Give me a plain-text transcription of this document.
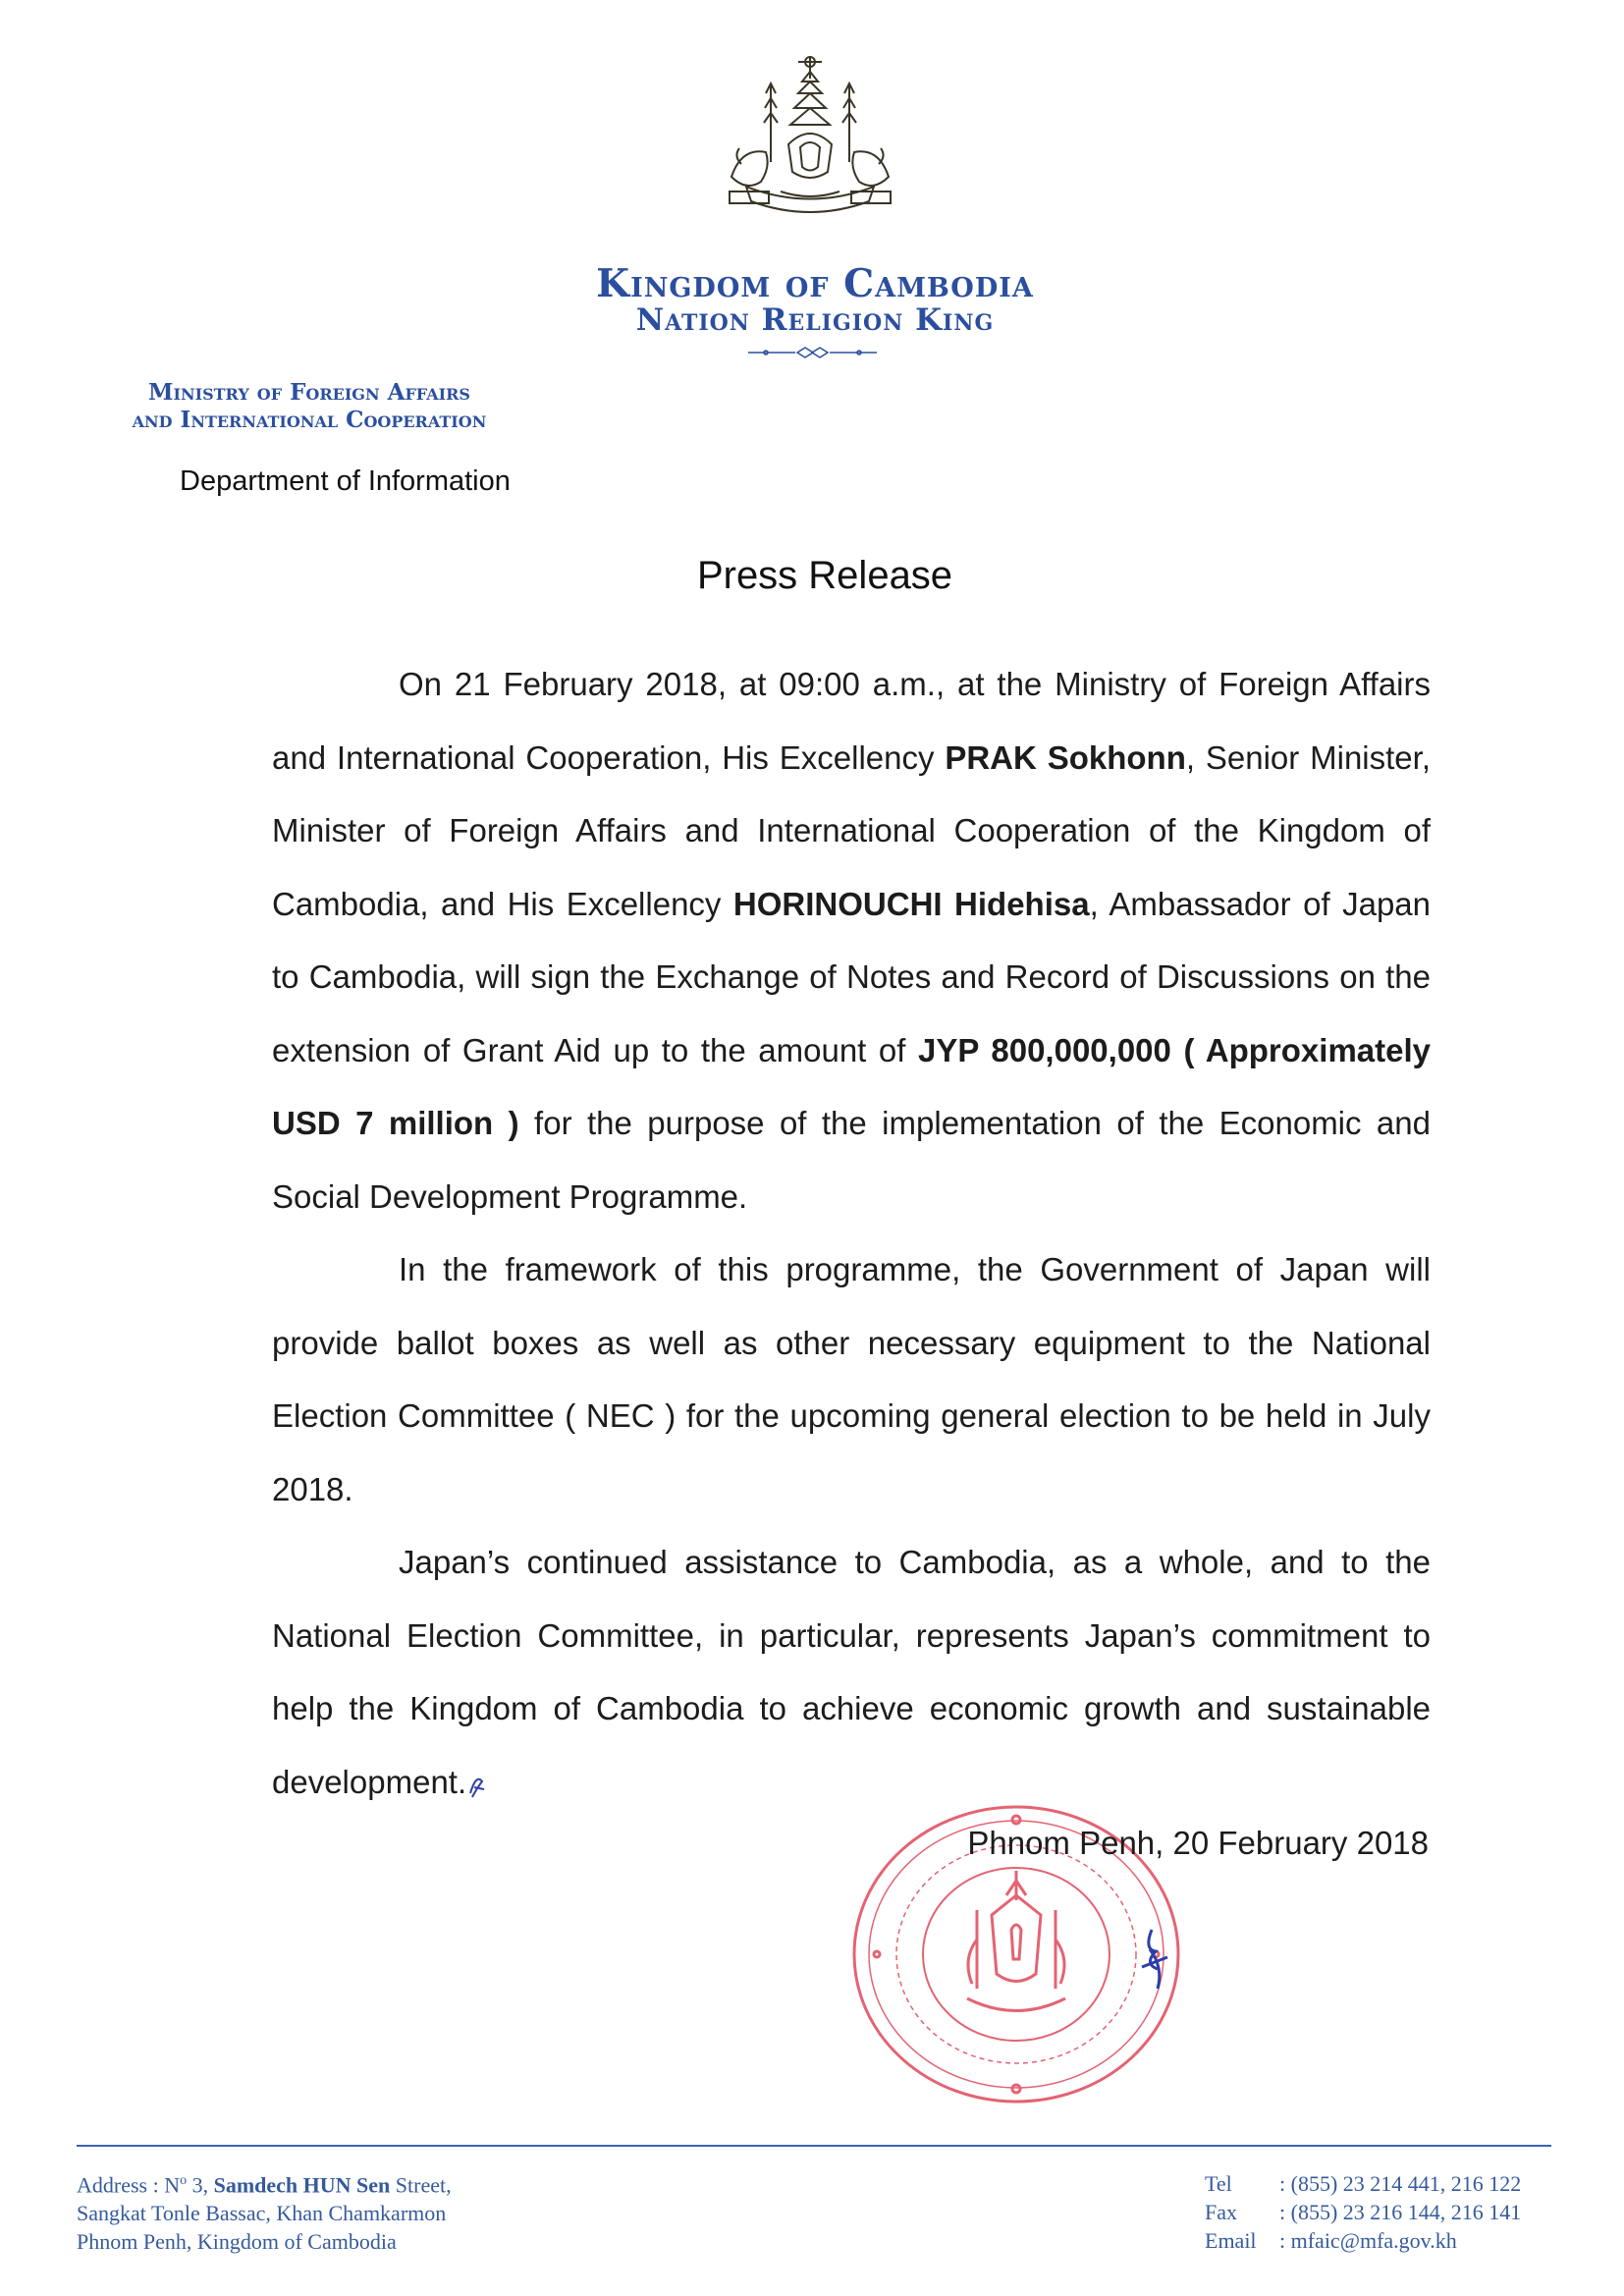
Kingdom of Cambodia
Nation Religion King
Ministry of Foreign Affairs
and International Cooperation
Department of Information
Press Release

On 21 February 2018, at 09:00 a.m., at the Ministry of Foreign Affairs and International Cooperation, His Excellency PRAK Sokhonn, Senior Minister, Minister of Foreign Affairs and International Cooperation of the Kingdom of Cambodia, and His Excellency HORINOUCHI Hidehisa, Ambassador of Japan to Cambodia, will sign the Exchange of Notes and Record of Discussions on the extension of Grant Aid up to the amount of JYP 800,000,000 ( Approximately USD 7 million ) for the purpose of the implementation of the Economic and Social Development Programme.

In the framework of this programme, the Government of Japan will provide ballot boxes as well as other necessary equipment to the National Election Committee ( NEC ) for the upcoming general election to be held in July 2018.

Japan’s continued assistance to Cambodia, as a whole, and to the National Election Committee, in particular, represents Japan’s commitment to help the Kingdom of Cambodia to achieve economic growth and sustainable development.

Phnom Penh, 20 February 2018
Address : $N^o$ 3, Samdech HUN Sen Street,
Sangkat Tonle Bassac, Khan Chamkarmon
Phnom Penh, Kingdom of Cambodia
Tel : (855) 23 214 441, 216 122
Fax : (855) 23 216 144, 216 141
Email : mfaic@mfa.gov.kh
